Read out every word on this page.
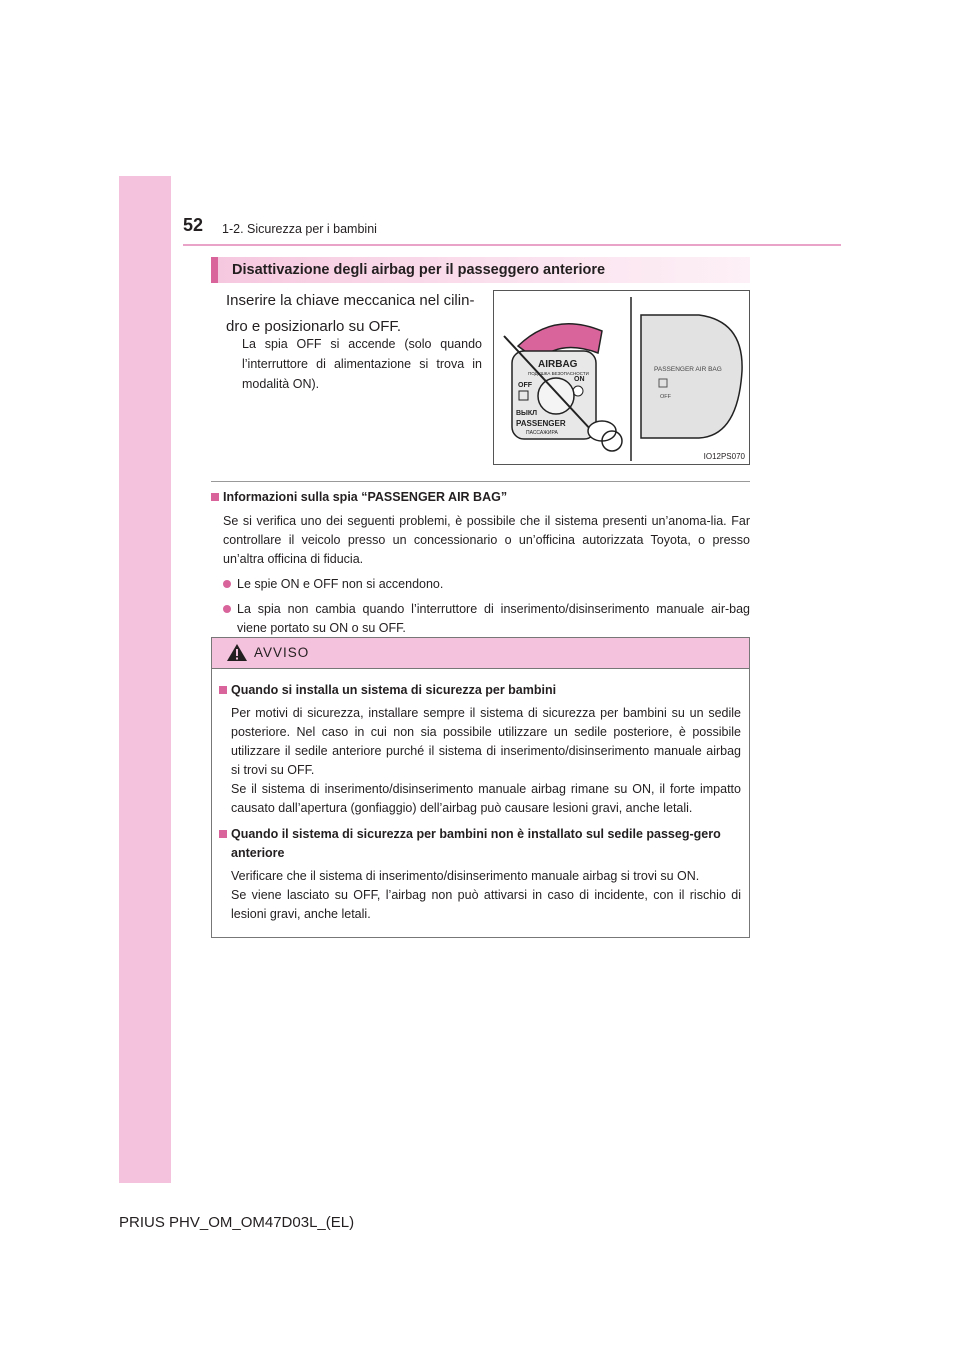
52 1-2. Sicurezza per i bambini
Disattivazione degli airbag per il passeggero anteriore
Inserire la chiave meccanica nel cilin-dro e posizionarlo su OFF.
La spia OFF si accende (solo quando l’interruttore di alimentazione si trova in modalità ON).
AIRBAG
ПОДУШКА БЕЗОПАСНОСТИ
OFF
ON
ВЫКЛ
PASSENGER
ПАССАЖИРА
PASSENGER AIR BAG
OFF
IO12PS070
Informazioni sulla spia “PASSENGER AIR BAG”
Se si verifica uno dei seguenti problemi, è possibile che il sistema presenti un’anoma-lia. Far controllare il veicolo presso un concessionario o un’officina autorizzata Toyota, o presso un’altra officina di fiducia.
Le spie ON e OFF non si accendono.
La spia non cambia quando l’interruttore di inserimento/disinserimento manuale air-bag viene portato su ON o su OFF.
AVVISO
Quando si installa un sistema di sicurezza per bambini
Per motivi di sicurezza, installare sempre il sistema di sicurezza per bambini su un sedile posteriore. Nel caso in cui non sia possibile utilizzare un sedile posteriore, è possibile utilizzare il sedile anteriore purché il sistema di inserimento/disinserimento manuale airbag si trovi su OFF.
Se il sistema di inserimento/disinserimento manuale airbag rimane su ON, il forte impatto causato dall’apertura (gonfiaggio) dell’airbag può causare lesioni gravi, anche letali.
Quando il sistema di sicurezza per bambini non è installato sul sedile passeg-gero anteriore
Verificare che il sistema di inserimento/disinserimento manuale airbag si trovi su ON.
Se viene lasciato su OFF, l’airbag non può attivarsi in caso di incidente, con il rischio di lesioni gravi, anche letali.
PRIUS PHV_OM_OM47D03L_(EL)
